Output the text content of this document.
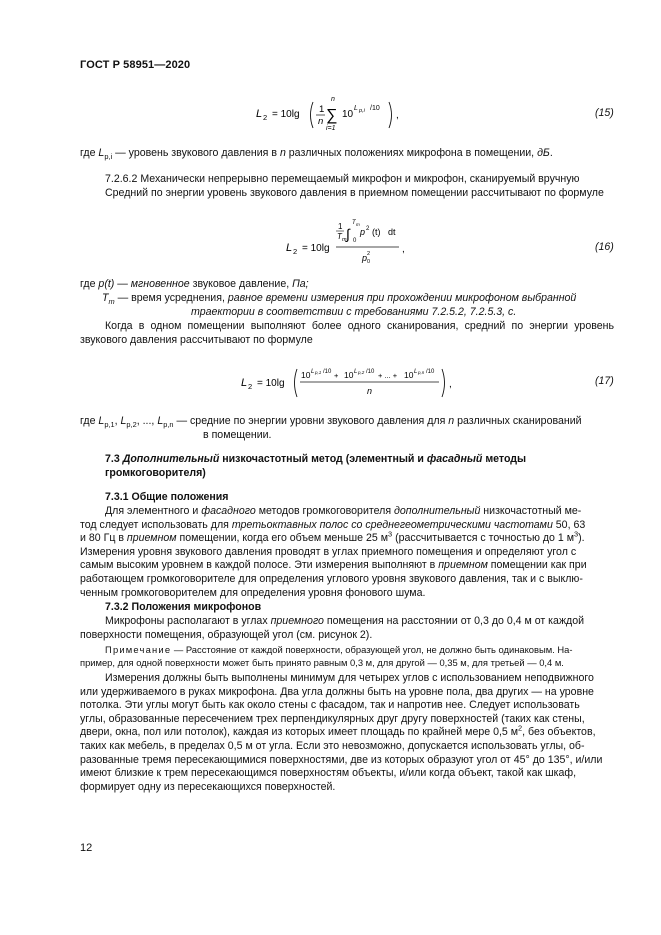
ГОСТ Р 58951—2020
L 2 = 10lg 1
n
n
∑
i=1
10
L p,i /10
,	(15)
где $L_{p,i}$ — уровень звукового давления в n различных положениях микрофона в помещении, дБ.
7.2.6.2 Механически непрерывно перемещаемый микрофон и микрофон, сканируемый вручную
Средний по энергии уровень звукового давления в приемном помещении рассчитывают по формуле
L 2 = 10lg
1
T m ∫
T m
0
p 2 (t) dt
p 0
2	,	(16)
где p(t) — мгновенное звуковое давление, Па;
$T_m$ — время усреднения, равное времени измерения при прохождении микрофоном выбранной
траектории в соответствии с требованиями 7.2.5.2, 7.2.5.3, с.
Когда в одном помещении выполняют более одного сканирования, средний по энергии уровень звукового давления рассчитывают по формуле
L 2 = 10lg
10 L p,1 /10 + 10 L p,2 /10 + ... + 10 L p,n /10
n
,	(17)
где $L_{p,1}$, $L_{p,2}$, ..., $L_{p,n}$ — средние по энергии уровни звукового давления для n различных сканирований
в помещении.
7.3 Дополнительный низкочастотный метод (элементный и фасадный методы
громкоговорителя)
7.3.1 Общие положения
Для элементного и фасадного методов громкоговорителя дополнительный низкочастотный ме-
тод следует использовать для третьоктавных полос со среднегеометрическими частотами 50, 63
и 80 Гц в приемном помещении, когда его объем меньше 25 $м^3$ (рассчитывается с точностью до 1 $м^3$).
Измерения уровня звукового давления проводят в углах приемного помещения и определяют угол с
самым высоким уровнем в каждой полосе. Эти измерения выполняют в приемном помещении как при
работающем громкоговорителе для определения углового уровня звукового давления, так и с выклю-
ченным громкоговорителем для определения уровня фонового шума.
7.3.2 Положения микрофонов
Микрофоны располагают в углах приемного помещения на расстоянии от 0,3 до 0,4 м от каждой
поверхности помещения, образующей угол (см. рисунок 2).
Примечание — Расстояние от каждой поверхности, образующей угол, не должно быть одинаковым. На-
пример, для одной поверхности может быть принято равным 0,3 м, для другой — 0,35 м, для третьей — 0,4 м.
Измерения должны быть выполнены минимум для четырех углов с использованием неподвижного
или удерживаемого в руках микрофона. Два угла должны быть на уровне пола, два других — на уровне
потолка. Эти углы могут быть как около стены с фасадом, так и напротив нее. Следует использовать
углы, образованные пересечением трех перпендикулярных друг другу поверхностей (таких как стены,
двери, окна, пол или потолок), каждая из которых имеет площадь по крайней мере 0,5 $м^2$, без объектов,
таких как мебель, в пределах 0,5 м от угла. Если это невозможно, допускается использовать углы, об-
разованные тремя пересекающимися поверхностями, две из которых образуют угол от 45° до 135°, и/или
имеют близкие к трем пересекающимся поверхностям объекты, и/или когда объект, такой как шкаф,
формирует одну из пересекающихся поверхностей.
12
